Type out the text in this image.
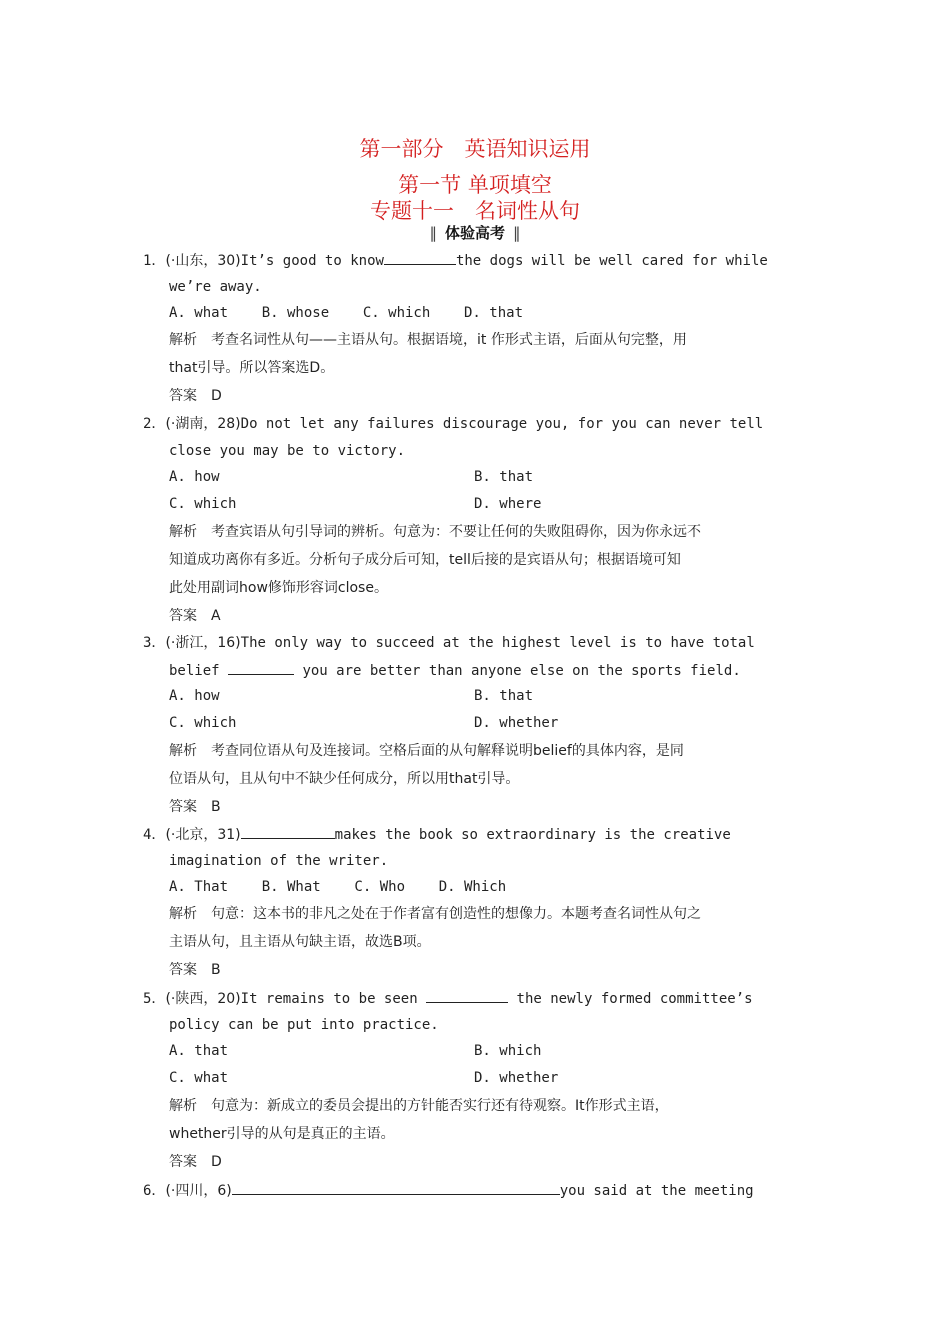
第一部分　英语知识运用
第一节 单项填空
专题十一　名词性从句
‖ 体验高考 ‖
1．(·山东，30)It’s good to know	the dogs will be well cared for while
we’re away.
A. what    B. whose    C. which    D. that
解析　考查名词性从句——主语从句。根据语境，it 作形式主语，后面从句完整，用
that引导。所以答案选D。
答案　D
2．(·湖南，28)Do not let any failures discourage you, for you can never tell
close you may be to victory.
A. how	B. that
C. which	D. where
解析　考查宾语从句引导词的辨析。句意为：不要让任何的失败阻碍你，因为你永远不
知道成功离你有多近。分析句子成分后可知，tell后接的是宾语从句；根据语境可知
此处用副词how修饰形容词close。
答案　A
3．(·浙江，16)The only way to succeed at the highest level is to have total
belief	you are better than anyone else on the sports field.
A. how	B. that
C. which	D. whether
解析　考查同位语从句及连接词。空格后面的从句解释说明belief的具体内容，是同
位语从句，且从句中不缺少任何成分，所以用that引导。
答案　B
4．(·北京，31)	makes the book so extraordinary is the creative
imagination of the writer.
A. That    B. What    C. Who    D. Which
解析　句意：这本书的非凡之处在于作者富有创造性的想像力。本题考查名词性从句之
主语从句，且主语从句缺主语，故选B项。
答案　B
5．(·陕西，20)It remains to be seen	the newly formed committee’s
policy can be put into practice.
A. that	B. which
C. what	D. whether
解析　句意为：新成立的委员会提出的方针能否实行还有待观察。It作形式主语，
whether引导的从句是真正的主语。
答案　D
6．(·四川，6)	you said at the meeting
